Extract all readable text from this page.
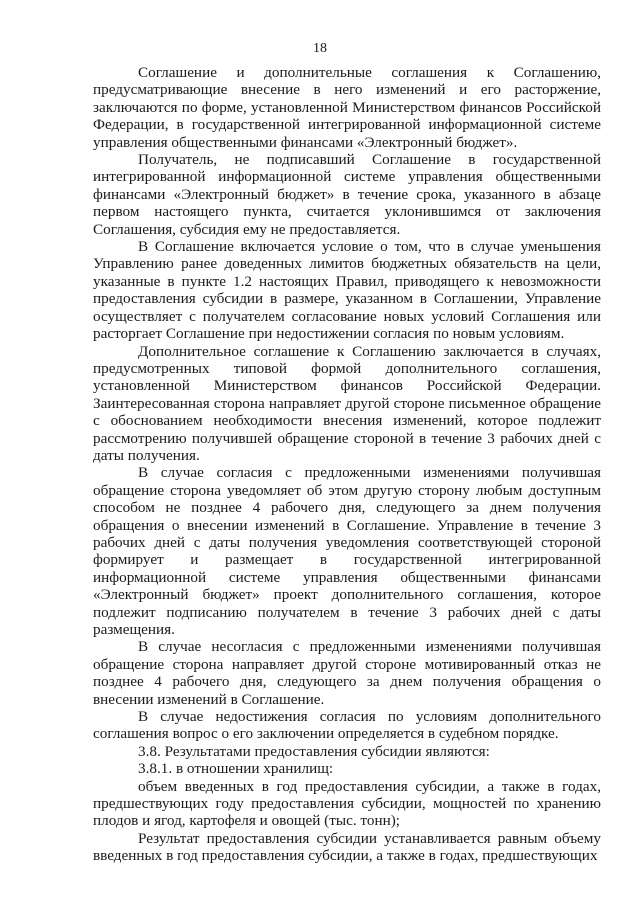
18

Соглашение и дополнительные соглашения к Соглашению, предусматривающие внесение в него изменений и его расторжение, заключаются по форме, установленной Министерством финансов Российской Федерации, в государственной интегрированной информационной системе управления общественными финансами «Электронный бюджет».

Получатель, не подписавший Соглашение в государственной интегрированной информационной системе управления общественными финансами «Электронный бюджет» в течение срока, указанного в абзаце первом настоящего пункта, считается уклонившимся от заключения Соглашения, субсидия ему не предоставляется.

В Соглашение включается условие о том, что в случае уменьшения Управлению ранее доведенных лимитов бюджетных обязательств на цели, указанные в пункте 1.2 настоящих Правил, приводящего к невозможности предоставления субсидии в размере, указанном в Соглашении, Управление осуществляет с получателем согласование новых условий Соглашения или расторгает Соглашение при недостижении согласия по новым условиям.

Дополнительное соглашение к Соглашению заключается в случаях, предусмотренных типовой формой дополнительного соглашения, установленной Министерством финансов Российской Федерации. Заинтересованная сторона направляет другой стороне письменное обращение с обоснованием необходимости внесения изменений, которое подлежит рассмотрению получившей обращение стороной в течение 3 рабочих дней с даты получения.

В случае согласия с предложенными изменениями получившая обращение сторона уведомляет об этом другую сторону любым доступным способом не позднее 4 рабочего дня, следующего за днем получения обращения о внесении изменений в Соглашение. Управление в течение 3 рабочих дней с даты получения уведомления соответствующей стороной формирует и размещает в государственной интегрированной информационной системе управления общественными финансами «Электронный бюджет» проект дополнительного соглашения, которое подлежит подписанию получателем в течение 3 рабочих дней с даты размещения.

В случае несогласия с предложенными изменениями получившая обращение сторона направляет другой стороне мотивированный отказ не позднее 4 рабочего дня, следующего за днем получения обращения о внесении изменений в Соглашение.

В случае недостижения согласия по условиям дополнительного соглашения вопрос о его заключении определяется в судебном порядке.

3.8. Результатами предоставления субсидии являются:

3.8.1. в отношении хранилищ:

объем введенных в год предоставления субсидии, а также в годах, предшествующих году предоставления субсидии, мощностей по хранению плодов и ягод, картофеля и овощей (тыс. тонн);

Результат предоставления субсидии устанавливается равным объему введенных в год предоставления субсидии, а также в годах, предшествующих
